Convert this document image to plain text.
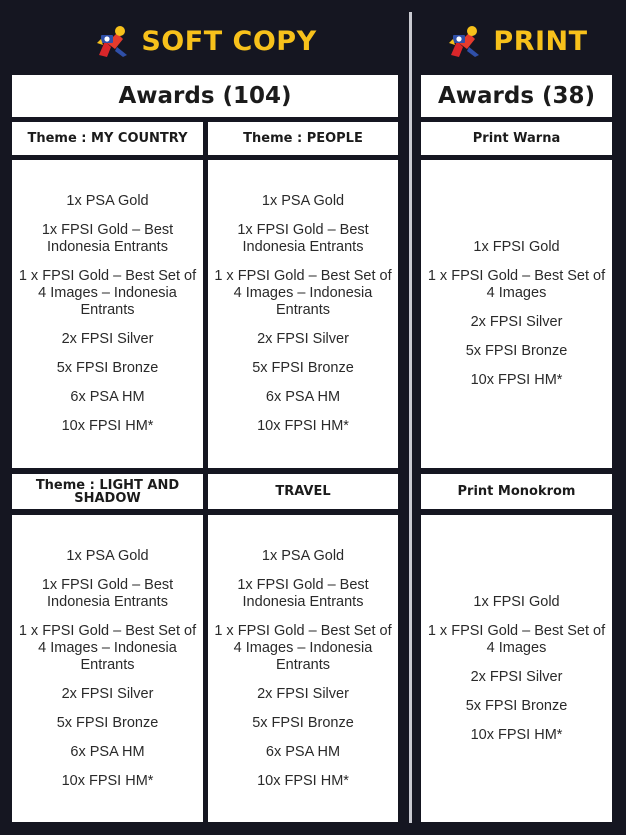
SOFT COPY	PRINT
Awards (104)	Awards (38)
Theme : MY COUNTRY
1x PSA Gold
1x FPSI Gold – Best Indonesia Entrants
1 x FPSI Gold – Best Set of 4 Images – Indonesia Entrants
2x FPSI Silver
5x FPSI Bronze
6x PSA HM
10x FPSI HM*
Theme : PEOPLE
1x PSA Gold
1x FPSI Gold – Best Indonesia Entrants
1 x FPSI Gold – Best Set of 4 Images – Indonesia Entrants
2x FPSI Silver
5x FPSI Bronze
6x PSA HM
10x FPSI HM*
Theme : LIGHT AND SHADOW
1x PSA Gold
1x FPSI Gold – Best Indonesia Entrants
1 x FPSI Gold – Best Set of 4 Images – Indonesia Entrants
2x FPSI Silver
5x FPSI Bronze
6x PSA HM
10x FPSI HM*
TRAVEL
1x PSA Gold
1x FPSI Gold – Best Indonesia Entrants
1 x FPSI Gold – Best Set of 4 Images – Indonesia Entrants
2x FPSI Silver
5x FPSI Bronze
6x PSA HM
10x FPSI HM*
Print Warna
1x FPSI Gold
1 x FPSI Gold – Best Set of 4 Images
2x FPSI Silver
5x FPSI Bronze
10x FPSI HM*
Print Monokrom
1x FPSI Gold
1 x FPSI Gold – Best Set of 4 Images
2x FPSI Silver
5x FPSI Bronze
10x FPSI HM*
